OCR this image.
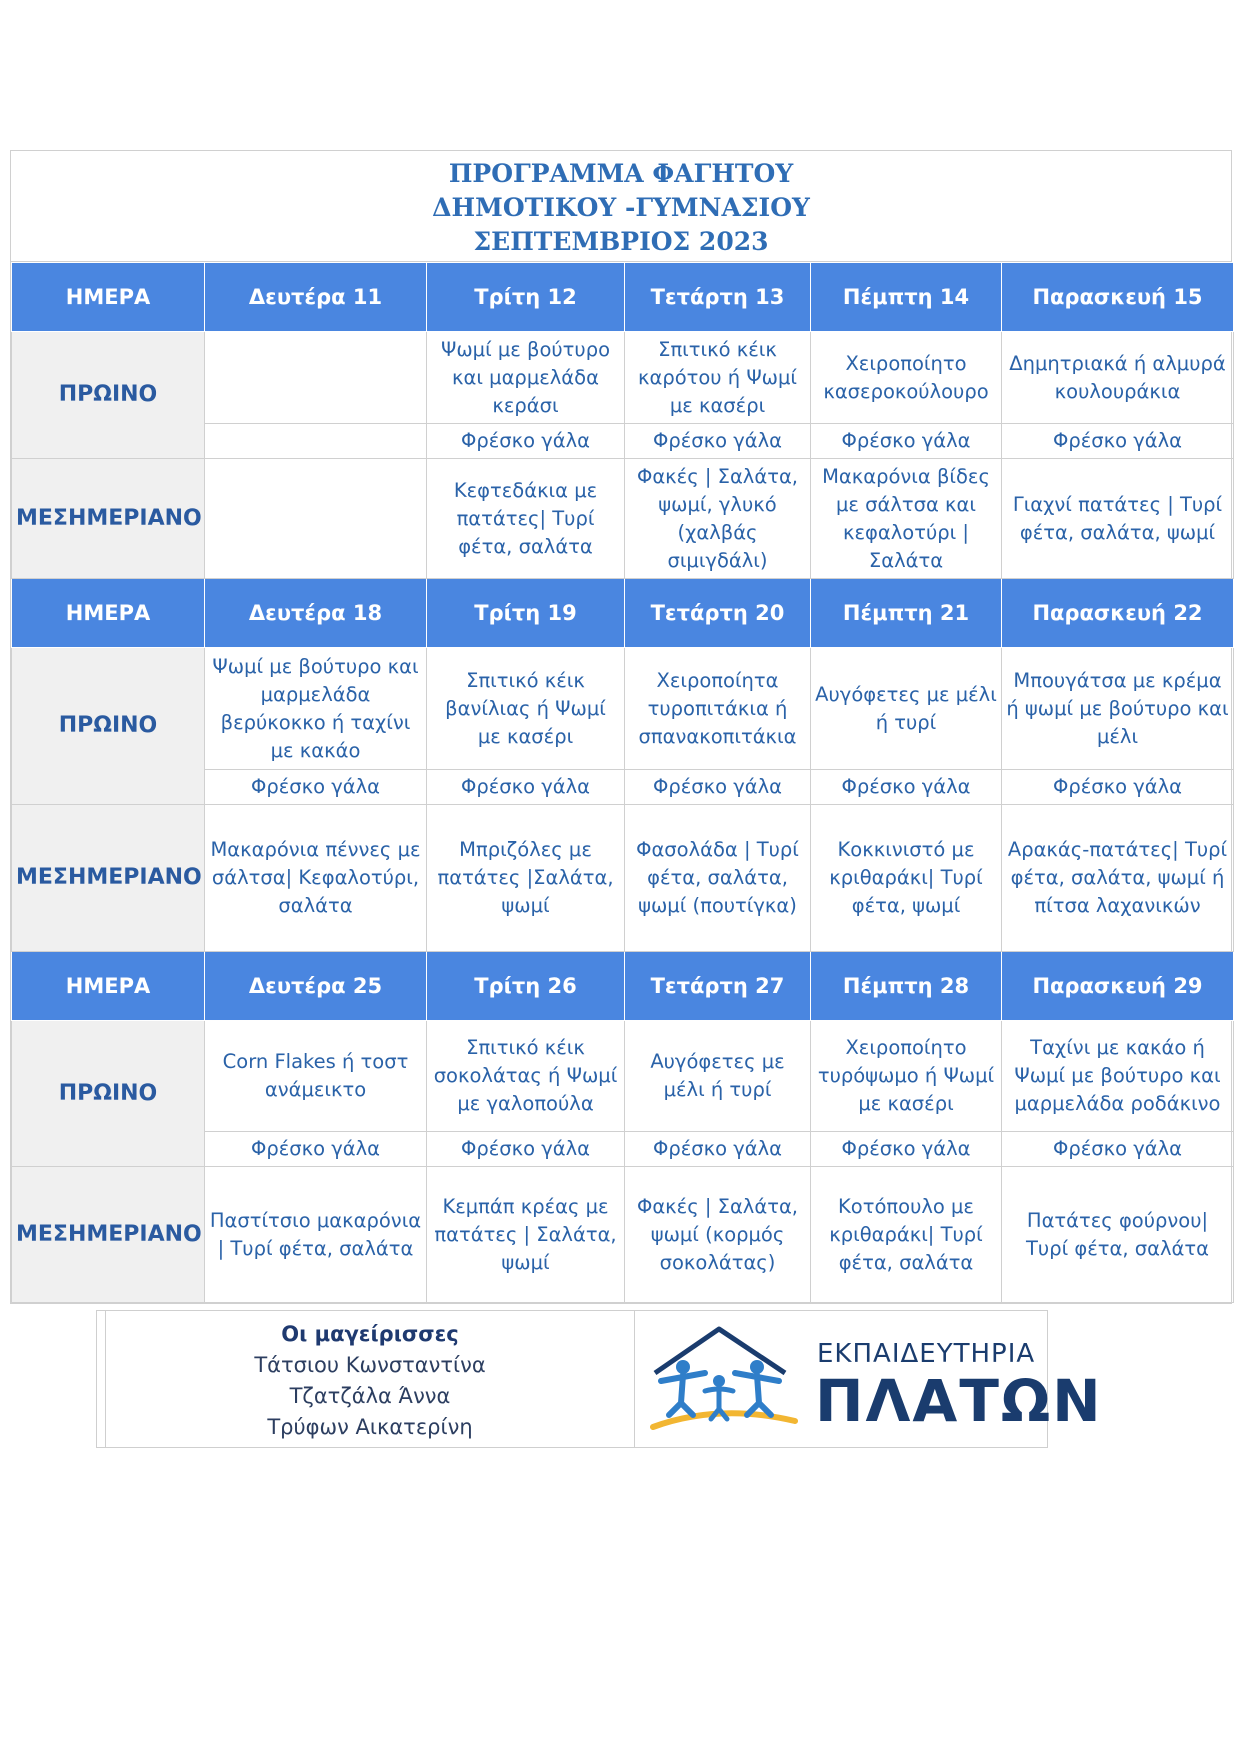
ΠΡΟΓΡΑΜΜΑ ΦΑΓΗΤΟΥ
ΔΗΜΟΤΙΚΟΥ -ΓΥΜΝΑΣΙΟΥ
ΣΕΠΤΕΜΒΡΙΟΣ 2023
ΗΜΕΡΑ	Δευτέρα 11	Τρίτη 12	Τετάρτη 13	Πέμπτη 14	Παρασκευή 15
ΠΡΩΙΝΟ		Ψωμί με βούτυρο και μαρμελάδα κεράσι	Σπιτικό κέικ καρότου ή Ψωμί με κασέρι	Χειροποίητο κασεροκούλουρο	Δημητριακά ή αλμυρά κουλουράκια
		Φρέσκο γάλα	Φρέσκο γάλα	Φρέσκο γάλα	Φρέσκο γάλα
ΜΕΣΗΜΕΡΙΑΝΟ		Κεφτεδάκια με πατάτες| Τυρί φέτα, σαλάτα	Φακές | Σαλάτα, ψωμί, γλυκό (χαλβάς σιμιγδάλι)	Μακαρόνια βίδες με σάλτσα και κεφαλοτύρι | Σαλάτα	Γιαχνί πατάτες | Τυρί φέτα, σαλάτα, ψωμί
ΗΜΕΡΑ	Δευτέρα 18	Τρίτη 19	Τετάρτη 20	Πέμπτη 21	Παρασκευή 22
ΠΡΩΙΝΟ	Ψωμί με βούτυρο και μαρμελάδα βερύκοκκο ή ταχίνι με κακάο	Σπιτικό κέικ βανίλιας ή Ψωμί με κασέρι	Χειροποίητα τυροπιτάκια ή σπανακοπιτάκια	Αυγόφετες με μέλι ή τυρί	Μπουγάτσα με κρέμα ή ψωμί με βούτυρο και μέλι
	Φρέσκο γάλα	Φρέσκο γάλα	Φρέσκο γάλα	Φρέσκο γάλα	Φρέσκο γάλα
ΜΕΣΗΜΕΡΙΑΝΟ	Μακαρόνια πέννες με σάλτσα| Κεφαλοτύρι, σαλάτα	Μπριζόλες με πατάτες |Σαλάτα, ψωμί	Φασολάδα | Τυρί φέτα, σαλάτα, ψωμί (πουτίγκα)	Κοκκινιστό με κριθαράκι| Τυρί φέτα, ψωμί	Αρακάς-πατάτες| Τυρί φέτα, σαλάτα, ψωμί ή πίτσα λαχανικών
ΗΜΕΡΑ	Δευτέρα 25	Τρίτη 26	Τετάρτη 27	Πέμπτη 28	Παρασκευή 29
ΠΡΩΙΝΟ	Corn Flakes ή τοστ ανάμεικτο	Σπιτικό κέικ σοκολάτας ή Ψωμί με γαλοπούλα	Αυγόφετες με μέλι ή τυρί	Χειροποίητο τυρόψωμο ή Ψωμί με κασέρι	Ταχίνι με κακάο ή Ψωμί με βούτυρο και μαρμελάδα ροδάκινο
	Φρέσκο γάλα	Φρέσκο γάλα	Φρέσκο γάλα	Φρέσκο γάλα	Φρέσκο γάλα
ΜΕΣΗΜΕΡΙΑΝΟ	Παστίτσιο μακαρόνια | Τυρί φέτα, σαλάτα	Κεμπάπ κρέας με πατάτες | Σαλάτα, ψωμί	Φακές | Σαλάτα, ψωμί (κορμός σοκολάτας)	Κοτόπουλο με κριθαράκι| Τυρί φέτα, σαλάτα	Πατάτες φούρνου| Τυρί φέτα, σαλάτα
Οι μαγείρισσες
Τάτσιου Κωνσταντίνα
Τζατζάλα Άννα
Τρύφων Αικατερίνη
ΕΚΠΑΙΔΕΥΤΗΡΙΑ
ΠΛΑΤΩΝ
